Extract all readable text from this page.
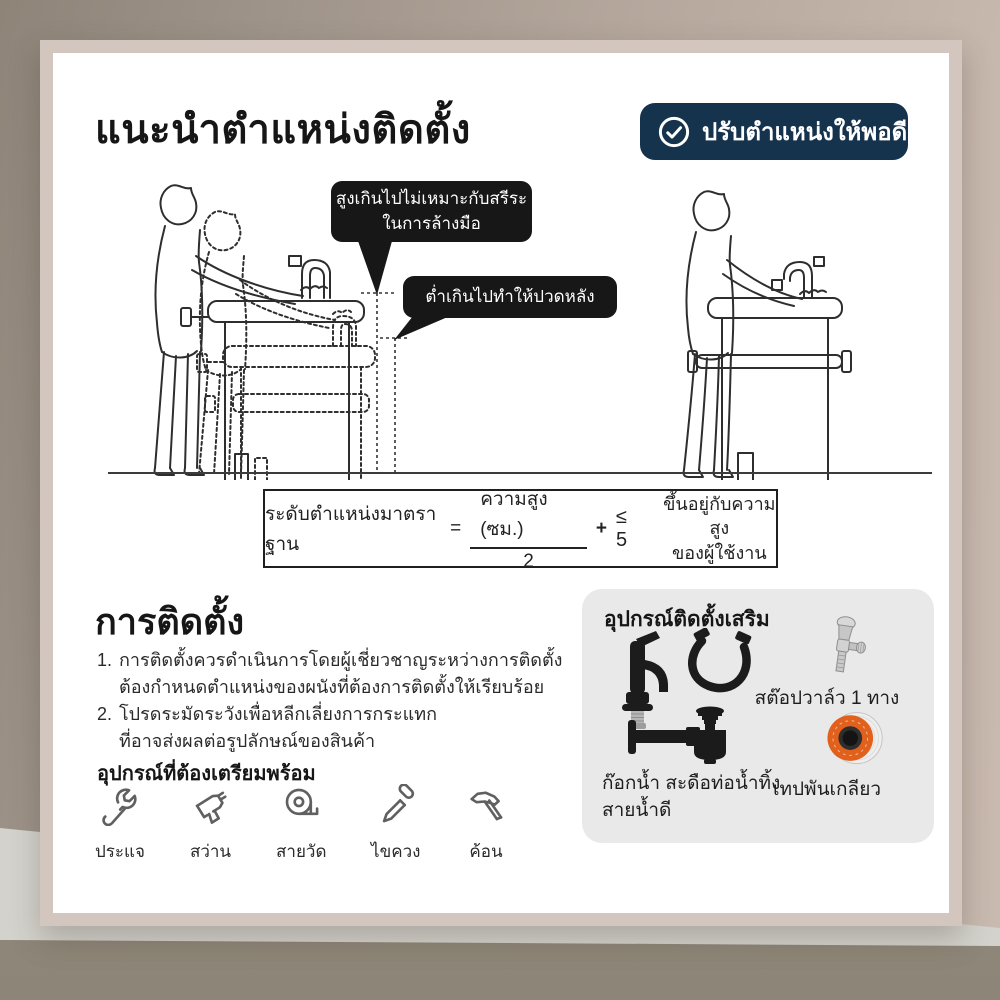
แนะนำตำแหน่งติดตั้ง	ปรับตำแหน่งให้พอดี
สูงเกินไปไม่เหมาะกับสรีระ
ในการล้างมือ
ต่ำเกินไปทำให้ปวดหลัง
ระดับตำแหน่งมาตราฐาน
= $\frac{\text{ความสูง (ซม.)}}{2}$ +
≤ 5
ขึ้นอยู่กับความสูง
ของผู้ใช้งาน
การติดตั้ง
1. การติดตั้งควรดำเนินการโดยผู้เชี่ยวชาญระหว่างการติดตั้ง
ต้องกำหนดตำแหน่งของผนังที่ต้องการติดตั้งให้เรียบร้อย
2. โปรดระมัดระวังเพื่อหลีกเลี่ยงการกระแทก
ที่อาจส่งผลต่อรูปลักษณ์ของสินค้า
อุปกรณ์ที่ต้องเตรียมพร้อม
ประแจ	สว่าน	สายวัด	ไขควง	ค้อน
อุปกรณ์ติดตั้งเสริม
สต๊อปวาล์ว 1 ทาง
ก๊อกน้ำ สะดือท่อน้ำทิ้ง
สายน้ำดี
เทปพันเกลียว
